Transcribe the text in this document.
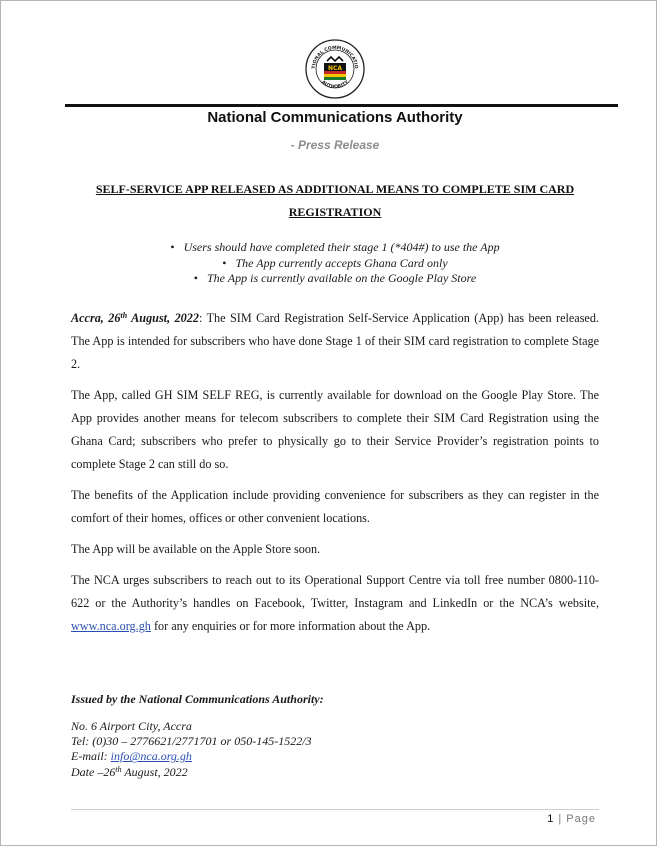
TIONAL COMMUNICATIO
AUTHORITY
NCA
National Communications Authority
- Press Release
SELF-SERVICE APP RELEASED AS ADDITIONAL MEANS TO COMPLETE SIM CARD
REGISTRATION
• Users should have completed their stage 1 (*404#) to use the App
• The App currently accepts Ghana Card only
• The App is currently available on the Google Play Store

Accra, 26th August, 2022: The SIM Card Registration Self-Service Application (App) has been released. The App is intended for subscribers who have done Stage 1 of their SIM card registration to complete Stage 2.

The App, called GH SIM SELF REG, is currently available for download on the Google Play Store. The App provides another means for telecom subscribers to complete their SIM Card Registration using the Ghana Card; subscribers who prefer to physically go to their Service Provider’s registration points to complete Stage 2 can still do so.

The benefits of the Application include providing convenience for subscribers as they can register in the comfort of their homes, offices or other convenient locations.

The App will be available on the Apple Store soon.

The NCA urges subscribers to reach out to its Operational Support Centre via toll free number 0800-110-622 or the Authority’s handles on Facebook, Twitter, Instagram and LinkedIn or the NCA’s website, www.nca.org.gh for any enquiries or for more information about the App.

Issued by the National Communications Authority:
No. 6 Airport City, Accra
Tel: (0)30 – 2776621/2771701 or 050-145-1522/3
E-mail: info@nca.org.gh
Date –26th August, 2022
1 | Page
